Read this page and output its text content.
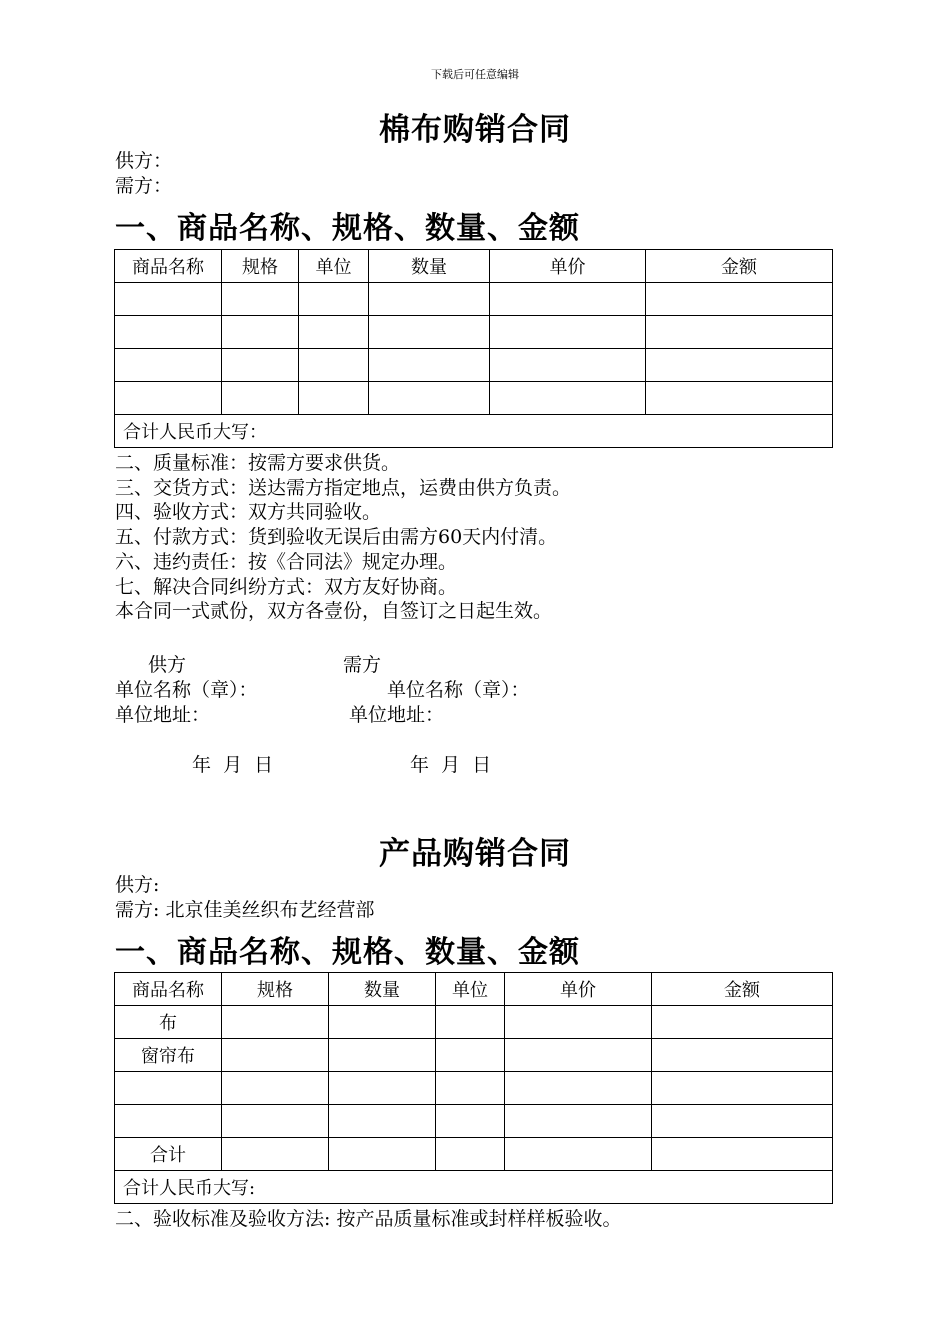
下载后可任意编辑
棉布购销合同
供方：
需方：
一、商品名称、规格、数量、金额
商品名称	规格	单位	数量	单价	金额

合计人民币大写：					
二、质量标准：按需方要求供货。
三、交货方式：送达需方指定地点，运费由供方负责。
四、验收方式：双方共同验收。
五、付款方式：货到验收无误后由需方60天内付清。
六、违约责任：按《合同法》规定办理。
七、解决合同纠纷方式：双方友好协商。
本合同一式贰份，双方各壹份，自签订之日起生效。
供方	需方
单位名称（章）：	单位名称（章）：
单位地址：	单位地址：
年  月  日	年  月  日
产品购销合同
供方:
需方: 北京佳美丝织布艺经营部
一、商品名称、规格、数量、金额
商品名称	规格	数量	单位	单价	金额
布					
窗帘布					

合计					
合计人民币大写:					
二、验收标准及验收方法: 按产品质量标准或封样样板验收。
